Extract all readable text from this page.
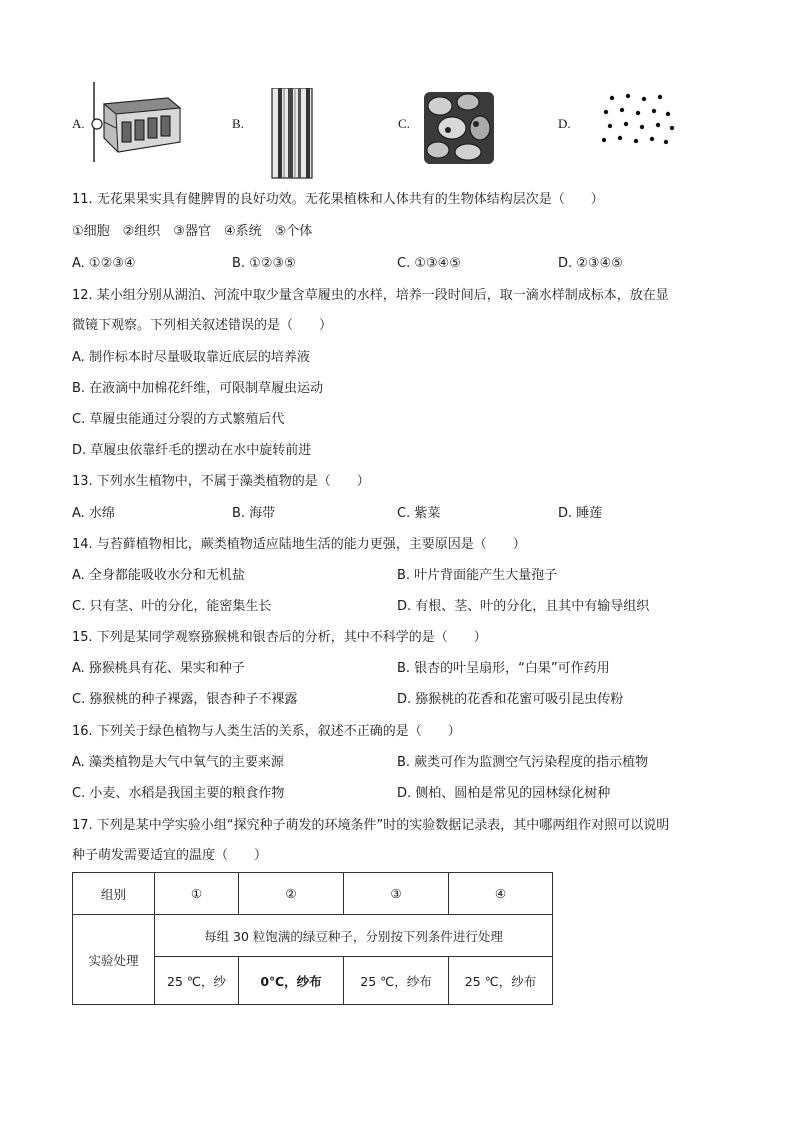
A.	B.	C.	D.
11. 无花果果实具有健脾胃的良好功效。无花果植株和人体共有的生物体结构层次是（　　）
①细胞　②组织　③器官　④系统　⑤个体
A. ①②③④	B. ①②③⑤	C. ①③④⑤	D. ②③④⑤
12. 某小组分别从湖泊、河流中取少量含草履虫的水样，培养一段时间后，取一滴水样制成标本，放在显
微镜下观察。下列相关叙述错误的是（　　）
A. 制作标本时尽量吸取靠近底层的培养液
B. 在液滴中加棉花纤维，可限制草履虫运动
C. 草履虫能通过分裂的方式繁殖后代
D. 草履虫依靠纤毛的摆动在水中旋转前进
13. 下列水生植物中，不属于藻类植物的是（　　）
A. 水绵	B. 海带	C. 紫菜	D. 睡莲
14. 与苔藓植物相比，蕨类植物适应陆地生活的能力更强，主要原因是（　　）
A. 全身都能吸收水分和无机盐	B. 叶片背面能产生大量孢子
C. 只有茎、叶的分化，能密集生长	D. 有根、茎、叶的分化，且其中有输导组织
15. 下列是某同学观察猕猴桃和银杏后的分析，其中不科学的是（　　）
A. 猕猴桃具有花、果实和种子	B. 银杏的叶呈扇形，“白果”可作药用
C. 猕猴桃的种子裸露，银杏种子不裸露	D. 猕猴桃的花香和花蜜可吸引昆虫传粉
16. 下列关于绿色植物与人类生活的关系，叙述不正确的是（　　）
A. 藻类植物是大气中氧气的主要来源	B. 蕨类可作为监测空气污染程度的指示植物
C. 小麦、水稻是我国主要的粮食作物	D. 侧柏、圆柏是常见的园林绿化树种
17. 下列是某中学实验小组“探究种子萌发的环境条件”时的实验数据记录表，其中哪两组作对照可以说明
种子萌发需要适宜的温度（　　）
组别	①	②	③	④
实验处理	每组 30 粒饱满的绿豆种子，分别按下列条件进行处理			
	25 ℃，纱	0℃，纱布	25 ℃，纱布	25 ℃，纱布
